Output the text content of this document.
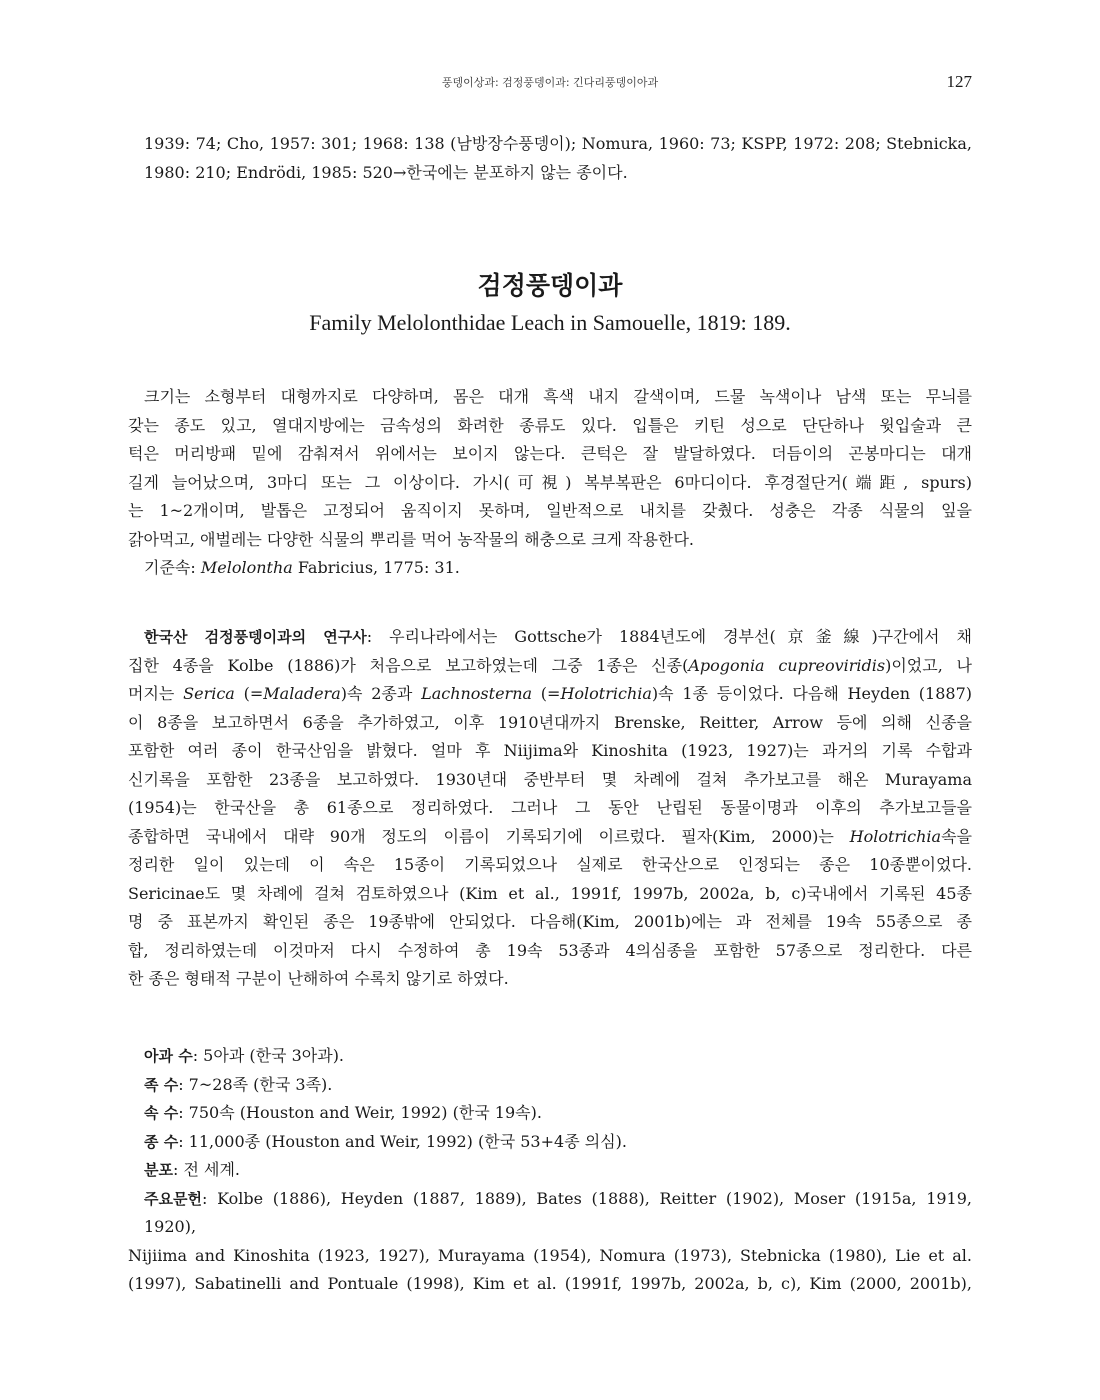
풍뎅이상과: 검정풍뎅이과: 긴다리풍뎅이아과	127
1939: 74; Cho, 1957: 301; 1968: 138 (남방장수풍뎅이); Nomura, 1960: 73; KSPP, 1972: 208; Stebnicka,
1980: 210; Endrödi, 1985: 520→한국에는 분포하지 않는 종이다.
검정풍뎅이과
Family Melolonthidae Leach in Samouelle, 1819: 189.
크기는 소형부터 대형까지로 다양하며, 몸은 대개 흑색 내지 갈색이며, 드물 녹색이나 남색 또는 무늬를
갖는 종도 있고, 열대지방에는 금속성의 화려한 종류도 있다. 입틀은 키틴 성으로 단단하나 윗입술과 큰
턱은 머리방패 밑에 감춰져서 위에서는 보이지 않는다. 큰턱은 잘 발달하였다. 더듬이의 곤봉마디는 대개
길게 늘어났으며, 3마디 또는 그 이상이다. 가시(可視) 복부복판은 6마디이다. 후경절단거(端距, spurs)
는 1~2개이며, 발톱은 고정되어 움직이지 못하며, 일반적으로 내치를 갖췄다. 성충은 각종 식물의 잎을
갉아먹고, 애벌레는 다양한 식물의 뿌리를 먹어 농작물의 해충으로 크게 작용한다.
기준속: Melolontha Fabricius, 1775: 31.
한국산 검정풍뎅이과의 연구사: 우리나라에서는 Gottsche가 1884년도에 경부선(京釜線)구간에서 채
집한 4종을 Kolbe (1886)가 처음으로 보고하였는데 그중 1종은 신종(Apogonia cupreoviridis)이었고, 나
머지는 Serica (=Maladera)속 2종과 Lachnosterna (=Holotrichia)속 1종 등이었다. 다음해 Heyden (1887)
이 8종을 보고하면서 6종을 추가하였고, 이후 1910년대까지 Brenske, Reitter, Arrow 등에 의해 신종을
포함한 여러 종이 한국산임을 밝혔다. 얼마 후 Niijima와 Kinoshita (1923, 1927)는 과거의 기록 수합과
신기록을 포함한 23종을 보고하였다. 1930년대 중반부터 몇 차례에 걸쳐 추가보고를 해온 Murayama
(1954)는 한국산을 총 61종으로 정리하였다. 그러나 그 동안 난립된 동물이명과 이후의 추가보고들을
종합하면 국내에서 대략 90개 정도의 이름이 기록되기에 이르렀다. 필자(Kim, 2000)는 Holotrichia속을
정리한 일이 있는데 이 속은 15종이 기록되었으나 실제로 한국산으로 인정되는 종은 10종뿐이었다.
Sericinae도 몇 차례에 걸쳐 검토하였으나 (Kim et al., 1991f, 1997b, 2002a, b, c)국내에서 기록된 45종
명 중 표본까지 확인된 종은 19종밖에 안되었다. 다음해(Kim, 2001b)에는 과 전체를 19속 55종으로 종
합, 정리하였는데 이것마저 다시 수정하여 총 19속 53종과 4의심종을 포함한 57종으로 정리한다. 다른
한 종은 형태적 구분이 난해하여 수록치 않기로 하였다.
아과 수: 5아과 (한국 3아과).
족 수: 7~28족 (한국 3족).
속 수: 750속 (Houston and Weir, 1992) (한국 19속).
종 수: 11,000종 (Houston and Weir, 1992) (한국 53+4종 의심).
분포: 전 세계.
주요문헌: Kolbe (1886), Heyden (1887, 1889), Bates (1888), Reitter (1902), Moser (1915a, 1919, 1920),
Nijiima and Kinoshita (1923, 1927), Murayama (1954), Nomura (1973), Stebnicka (1980), Lie et al.
(1997), Sabatinelli and Pontuale (1998), Kim et al. (1991f, 1997b, 2002a, b, c), Kim (2000, 2001b),
